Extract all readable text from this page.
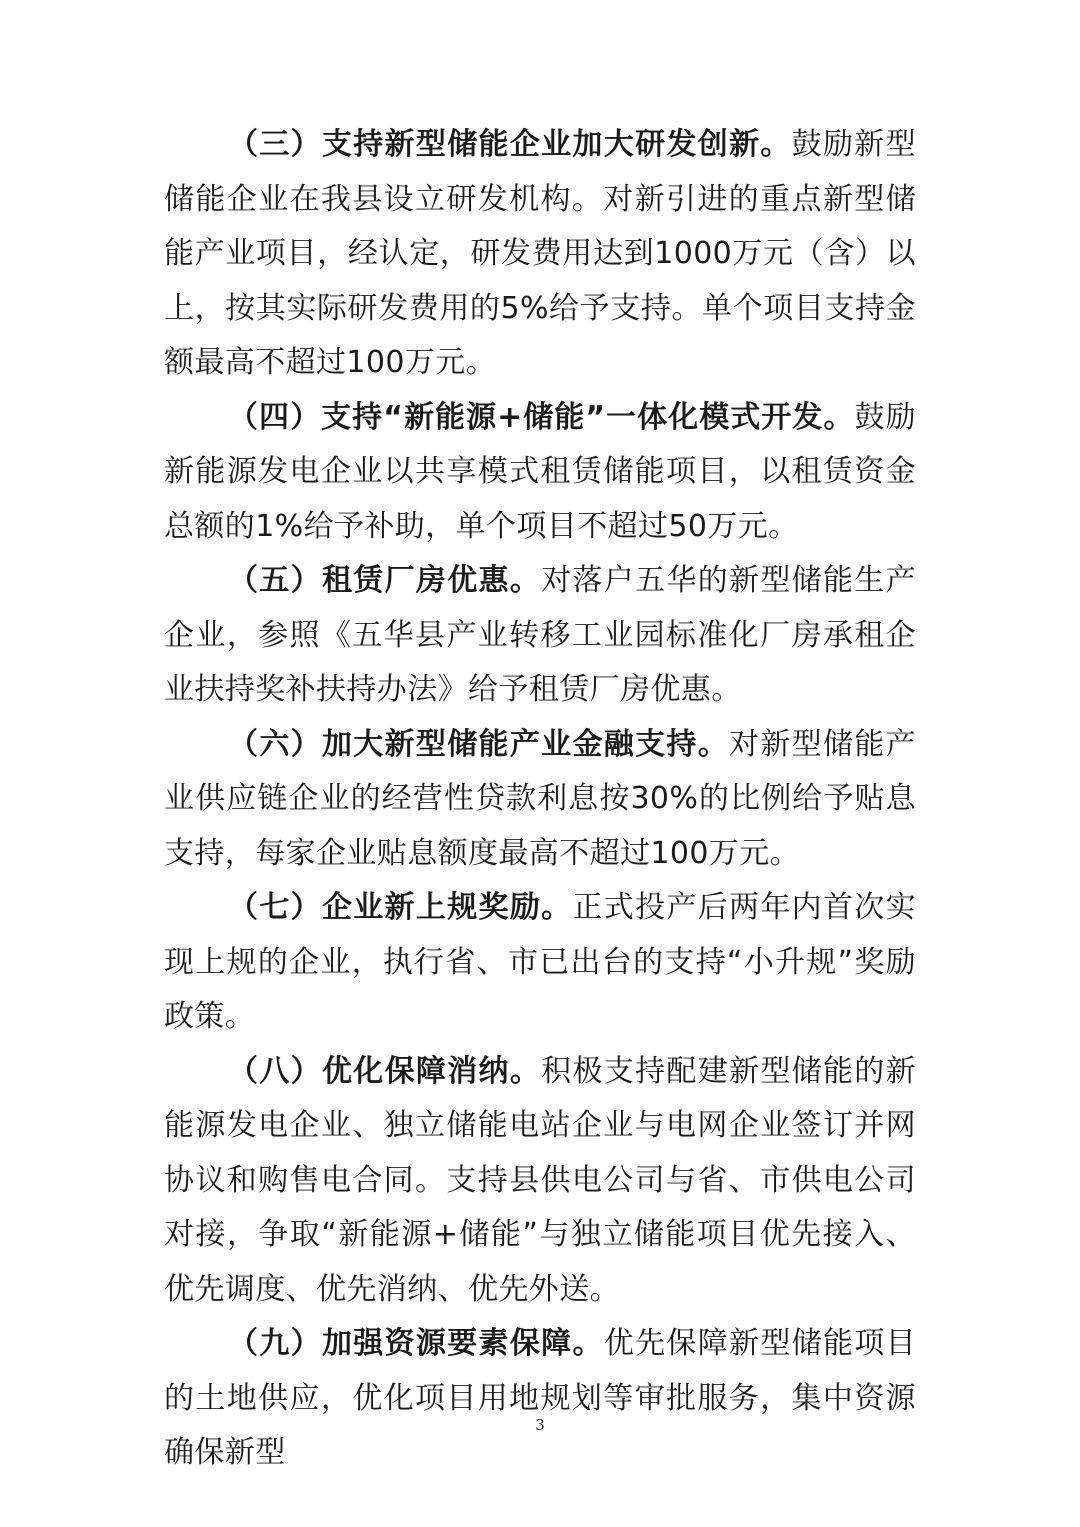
（三）支持新型储能企业加大研发创新。鼓励新型储能企业在我县设立研发机构。对新引进的重点新型储能产业项目，经认定，研发费用达到1000万元（含）以上，按其实际研发费用的5%给予支持。单个项目支持金额最高不超过100万元。

（四）支持“新能源+储能”一体化模式开发。鼓励新能源发电企业以共享模式租赁储能项目，以租赁资金总额的1%给予补助，单个项目不超过50万元。

（五）租赁厂房优惠。对落户五华的新型储能生产企业，参照《五华县产业转移工业园标准化厂房承租企业扶持奖补扶持办法》给予租赁厂房优惠。

（六）加大新型储能产业金融支持。对新型储能产业供应链企业的经营性贷款利息按30%的比例给予贴息支持，每家企业贴息额度最高不超过100万元。

（七）企业新上规奖励。正式投产后两年内首次实现上规的企业，执行省、市已出台的支持“小升规”奖励政策。

（八）优化保障消纳。积极支持配建新型储能的新能源发电企业、独立储能电站企业与电网企业签订并网协议和购售电合同。支持县供电公司与省、市供电公司对接，争取“新能源+储能”与独立储能项目优先接入、优先调度、优先消纳、优先外送。

（九）加强资源要素保障。优先保障新型储能项目的土地供应，优化项目用地规划等审批服务，集中资源确保新型

3
